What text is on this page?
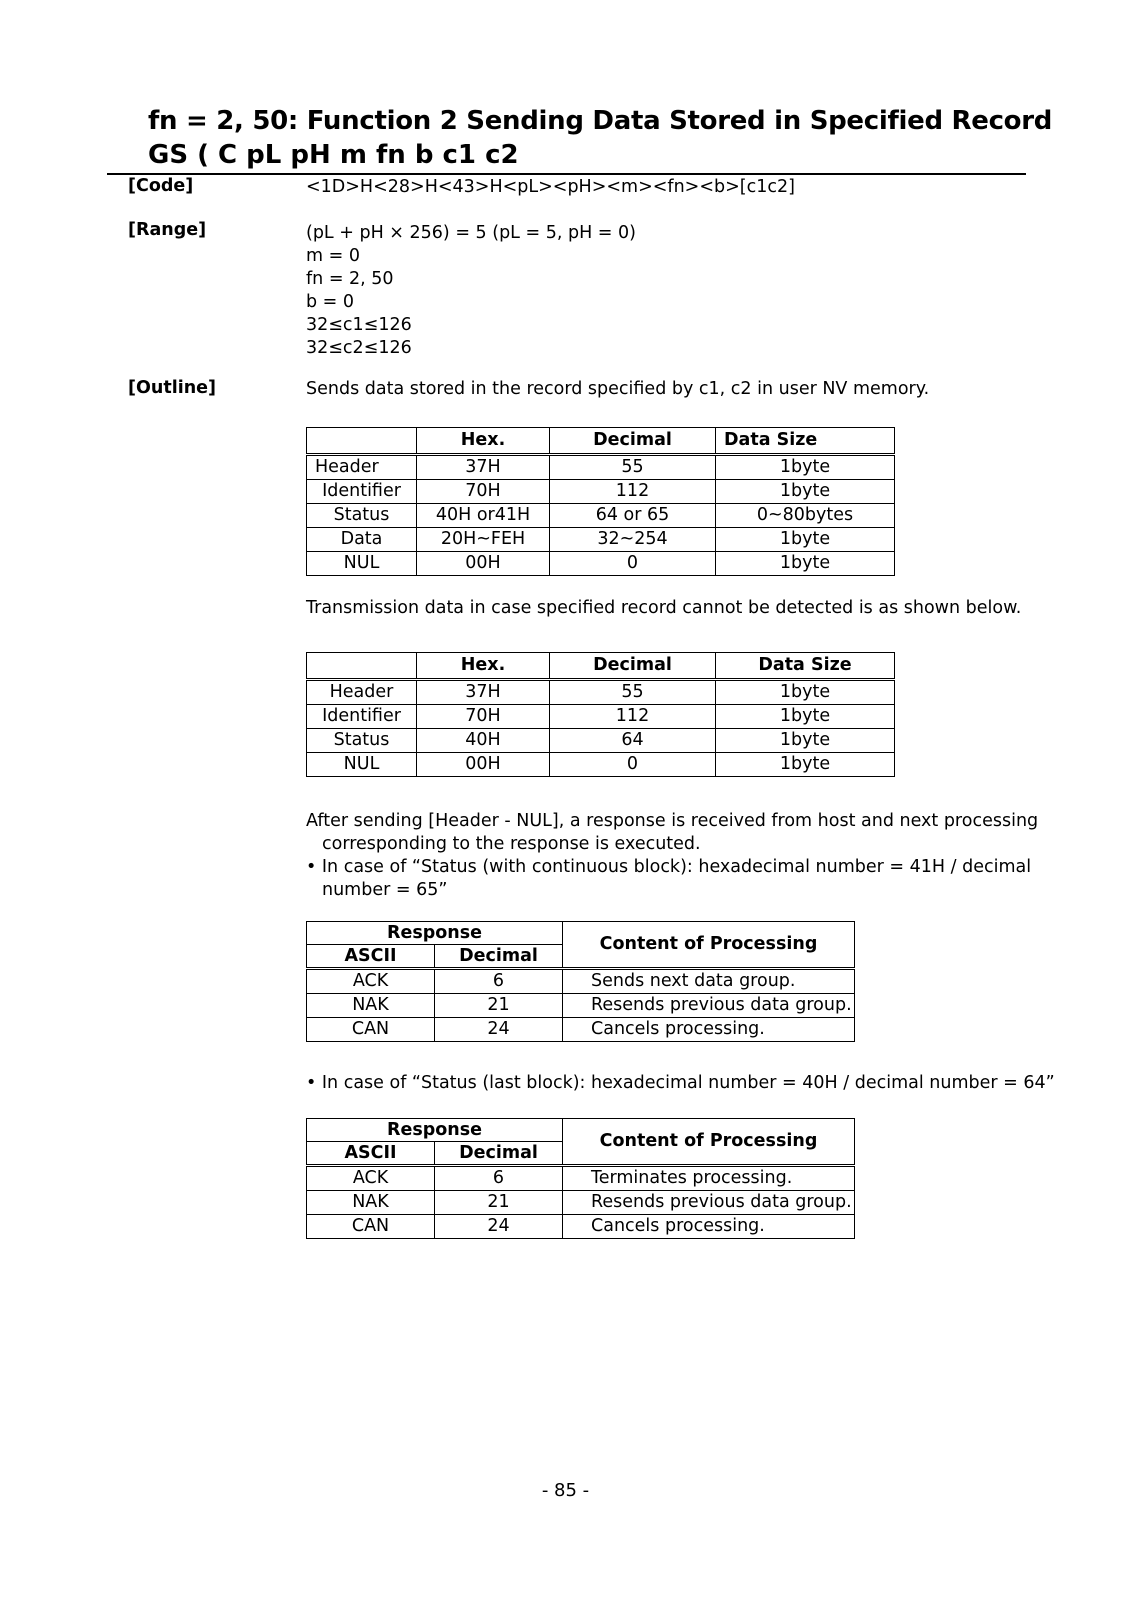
fn = 2, 50: Function 2 Sending Data Stored in Specified Record
GS ( C pL pH m fn b c1 c2
[Code]	<1D>H<28>H<43>H<pL><pH><m><fn><b>[c1c2]
[Range]	(pL + pH × 256) = 5 (pL = 5, pH = 0)
m = 0
fn = 2, 50
b = 0
32≤c1≤126
32≤c2≤126
[Outline]	Sends data stored in the record specified by c1, c2 in user NV memory.
	Hex.	Decimal	Data Size
Header	37H	55	1byte
Identifier	70H	112	1byte
Status	40H or41H	64 or 65	0~80bytes
Data	20H~FEH	32~254	1byte
NUL	00H	0	1byte
Transmission data in case specified record cannot be detected is as shown below.
	Hex.	Decimal	Data Size
Header	37H	55	1byte
Identifier	70H	112	1byte
Status	40H	64	1byte
NUL	00H	0	1byte
After sending [Header - NUL], a response is received from host and next processing
corresponding to the response is executed.
• In case of “Status (with continuous block): hexadecimal number = 41H / decimal
number = 65”
Response		Content of Processing
ASCII	Decimal	
ACK	6	Sends next data group.
NAK	21	Resends previous data group.
CAN	24	Cancels processing.
• In case of “Status (last block): hexadecimal number = 40H / decimal number = 64”
Response		Content of Processing
ASCII	Decimal	
ACK	6	Terminates processing.
NAK	21	Resends previous data group.
CAN	24	Cancels processing.
- 85 -
